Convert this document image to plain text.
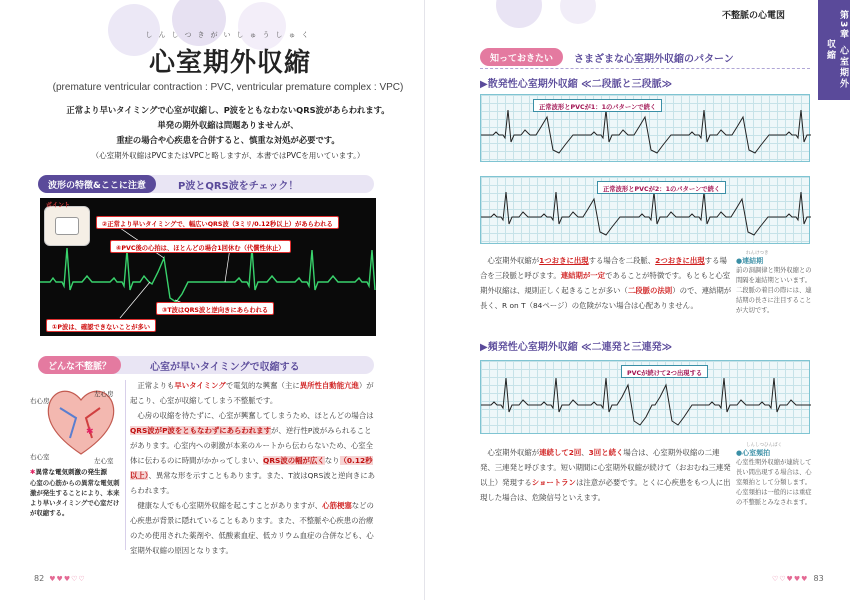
しんしつきがいしゅうしゅく
心室期外収縮
(premature ventricular contraction : PVC, ventricular premature complex : VPC)
正常より早いタイミングで心室が収縮し、P波をともなわないQRS波があらわれます。
単発の期外収縮は問題ありませんが、
重症の場合や心疾患を合併すると、慎重な対処が必要です。
（心室期外収縮はPVCまたはVPCと略しますが、本書ではPVCを用いています。）
波形の特徴&ここに注意	P波とQRS波をチェック！
ポイント
②正常より早いタイミングで、幅広いQRS波（3ミリ/0.12秒以上）があらわれる
④PVC後の心拍は、ほとんどの場合1回休む（代償性休止）
③T波はQRS波と逆向きにあらわれる
①P波は、確認できないことが多い
どんな不整脈？	心室が早いタイミングで収縮する
✱
右心房
左心房
右心室	左心室
✱異常な電気刺激の発生源
心室の心筋からの異常な電気刺激が発生することにより、本来より早いタイミングで心室だけが収縮する。

正常よりも早いタイミングで電気的な興奮（主に異所性自動能亢進）が起こり、心室が収縮してしまう不整脈です。

心房の収縮を待たずに、心室が興奮してしまうため、ほとんどの場合はQRS波がP波をともなわずにあらわれますが、逆行性P波がみられることがあります。心室内への刺激が本来のルートから伝わらないため、心室全体に伝わるのに時間がかかってしまい、QRS波の幅が広くなり（0.12秒以上）、異常な形を示すこともあります。また、T波はQRS波と逆向きにあらわれます。

健康な人でも心室期外収縮を起こすことがありますが、心筋梗塞などの心疾患が背景に隠れていることもあります。また、不整脈や心疾患の治療のため使用された薬剤や、低酸素血症、低カリウム血症の合併なども、心室期外収縮の原因となります。

82 ♥♥♥♡♡
不整脈の心電図	第3章 心室期外収縮
知っておきたい	さまざまな心室期外収縮のパターン
▶散発性心室期外収縮 ≪二段脈と三段脈≫
正常波形とPVCが1：1のパターンで続く
正常波形とPVCが2：1のパターンで続く
心室期外収縮が1つおきに出現する場合を二段脈、2つおきに出現する場合を三段脈と呼びます。連結期が一定であることが特徴です。もともと心室期外収縮は、規則正しく起きることが多い（二段脈の法則）ので、連結期が長く、R on T（84ページ）の危険がない場合は心配ありません。
れんけつき
●連結期
前の洞調律と期外収縮との間隔を連結期といいます。二段脈の着目の際には、連結期の長さに注目することが大切です。
▶頻発性心室期外収縮 ≪二連発と三連発≫
PVCが続けて2つ出現する
心室期外収縮が連続して2回、3回と続く場合は、心室期外収縮の二連発、三連発と呼びます。短い期間に心室期外収縮が続けて（おおむね三連発以上）発現するショートランは注意が必要です。とくに心疾患をもつ人に出現した場合は、危険信号といえます。
しんしつひんぱく
●心室頻拍
心室性期外収縮が連続して長い間出現する場合は、心室頻拍として分類します。心室頻拍は一般的には重症の不整脈とみなされます。
♡♡♥♥♥ 83
